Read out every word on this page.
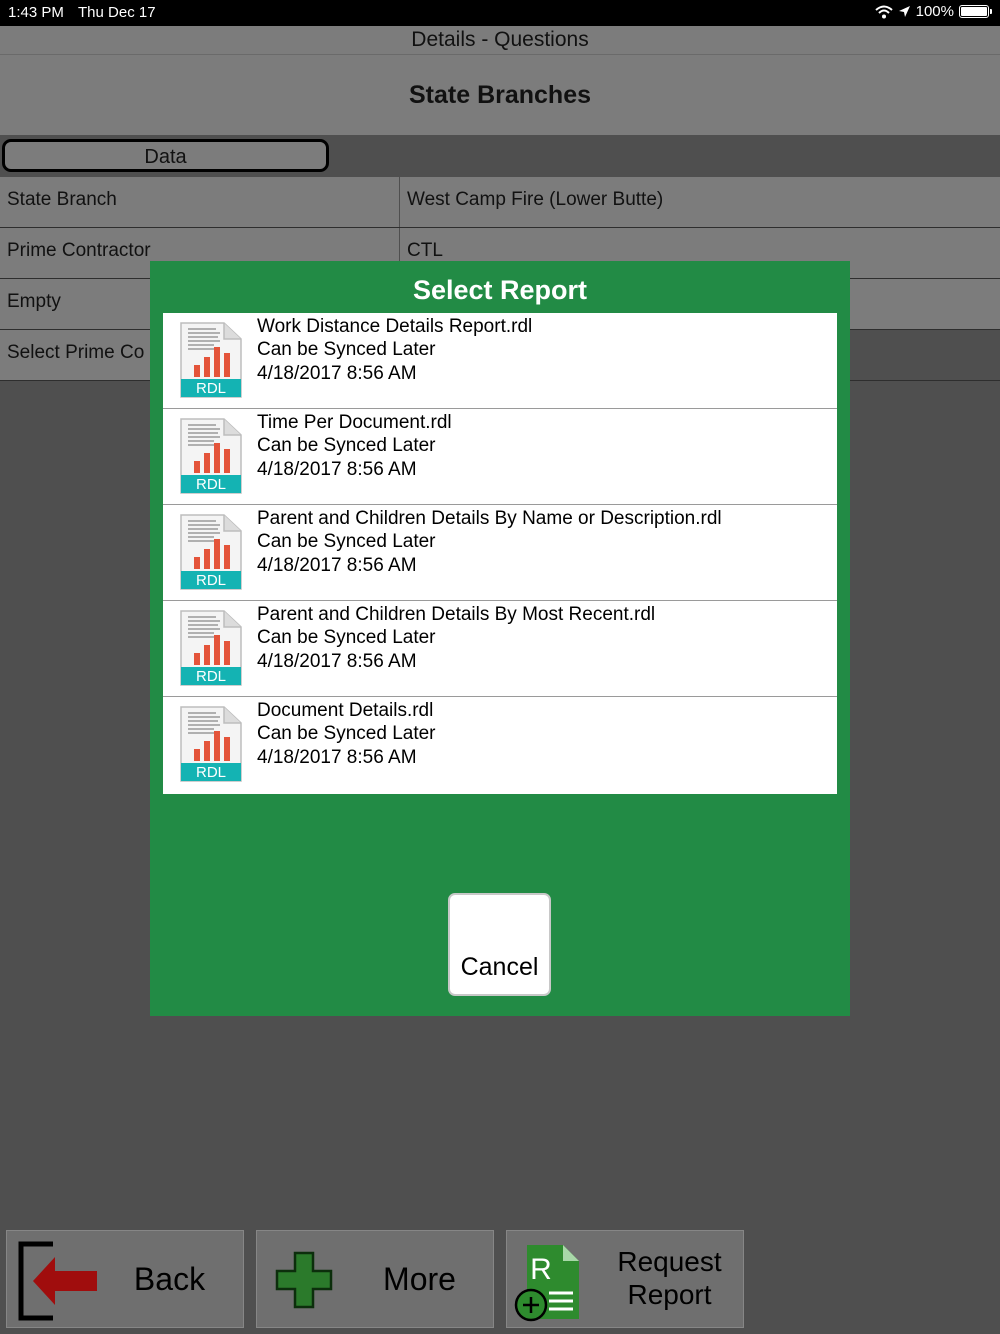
1:43 PM Thu Dec 17	100%
Details - Questions
State Branches
Data
State Branch	West Camp Fire (Lower Butte)
Prime Contractor	CTL
Empty
Select Prime Co
Select Report
RDL
Work Distance Details Report.rdl
Can be Synced Later
4/18/2017 8:56 AM
RDL
Time Per Document.rdl
Can be Synced Later
4/18/2017 8:56 AM
RDL
Parent and Children Details By Name or Description.rdl
Can be Synced Later
4/18/2017 8:56 AM
RDL
Parent and Children Details By Most Recent.rdl
Can be Synced Later
4/18/2017 8:56 AM
RDL
Document Details.rdl
Can be Synced Later
4/18/2017 8:56 AM
Cancel
Back	More	R	Request
Report
